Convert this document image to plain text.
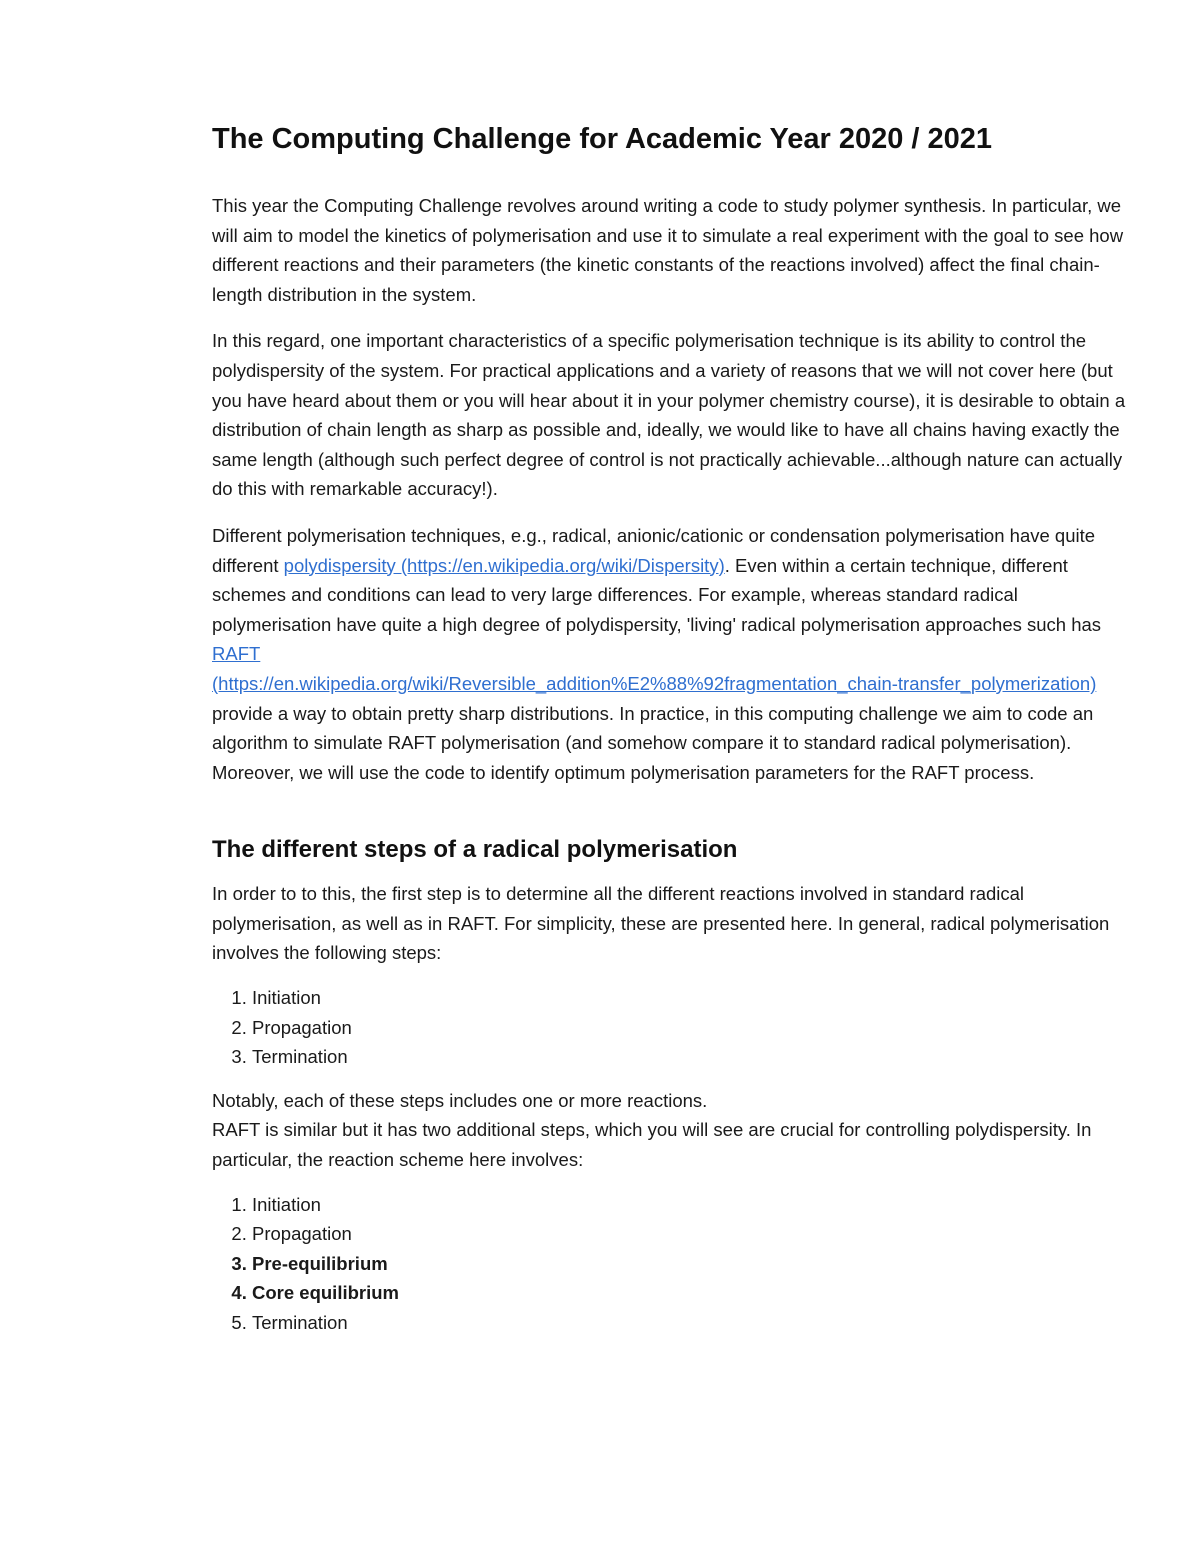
The Computing Challenge for Academic Year 2020 / 2021

This year the Computing Challenge revolves around writing a code to study polymer synthesis. In particular, we will aim to model the kinetics of polymerisation and use it to simulate a real experiment with the goal to see how different reactions and their parameters (the kinetic constants of the reactions involved) affect the final chain-length distribution in the system.

In this regard, one important characteristics of a specific polymerisation technique is its ability to control the polydispersity of the system. For practical applications and a variety of reasons that we will not cover here (but you have heard about them or you will hear about it in your polymer chemistry course), it is desirable to obtain a distribution of chain length as sharp as possible and, ideally, we would like to have all chains having exactly the same length (although such perfect degree of control is not practically achievable...although nature can actually do this with remarkable accuracy!).

Different polymerisation techniques, e.g., radical, anionic/cationic or condensation polymerisation have quite different polydispersity (https://en.wikipedia.org/wiki/Dispersity). Even within a certain technique, different schemes and conditions can lead to very large differences. For example, whereas standard radical polymerisation have quite a high degree of polydispersity, 'living' radical polymerisation approaches such has RAFT
(https://en.wikipedia.org/wiki/Reversible_addition%E2%88%92fragmentation_chain-transfer_polymerization) provide a way to obtain pretty sharp distributions. In practice, in this computing challenge we aim to code an algorithm to simulate RAFT polymerisation (and somehow compare it to standard radical polymerisation). Moreover, we will use the code to identify optimum polymerisation parameters for the RAFT process.

The different steps of a radical polymerisation

In order to to this, the first step is to determine all the different reactions involved in standard radical polymerisation, as well as in RAFT. For simplicity, these are presented here. In general, radical polymerisation involves the following steps:

1. Initiation
2. Propagation
3. Termination

Notably, each of these steps includes one or more reactions.
RAFT is similar but it has two additional steps, which you will see are crucial for controlling polydispersity. In particular, the reaction scheme here involves:

1. Initiation
2. Propagation
3. Pre-equilibrium
4. Core equilibrium
5. Termination
